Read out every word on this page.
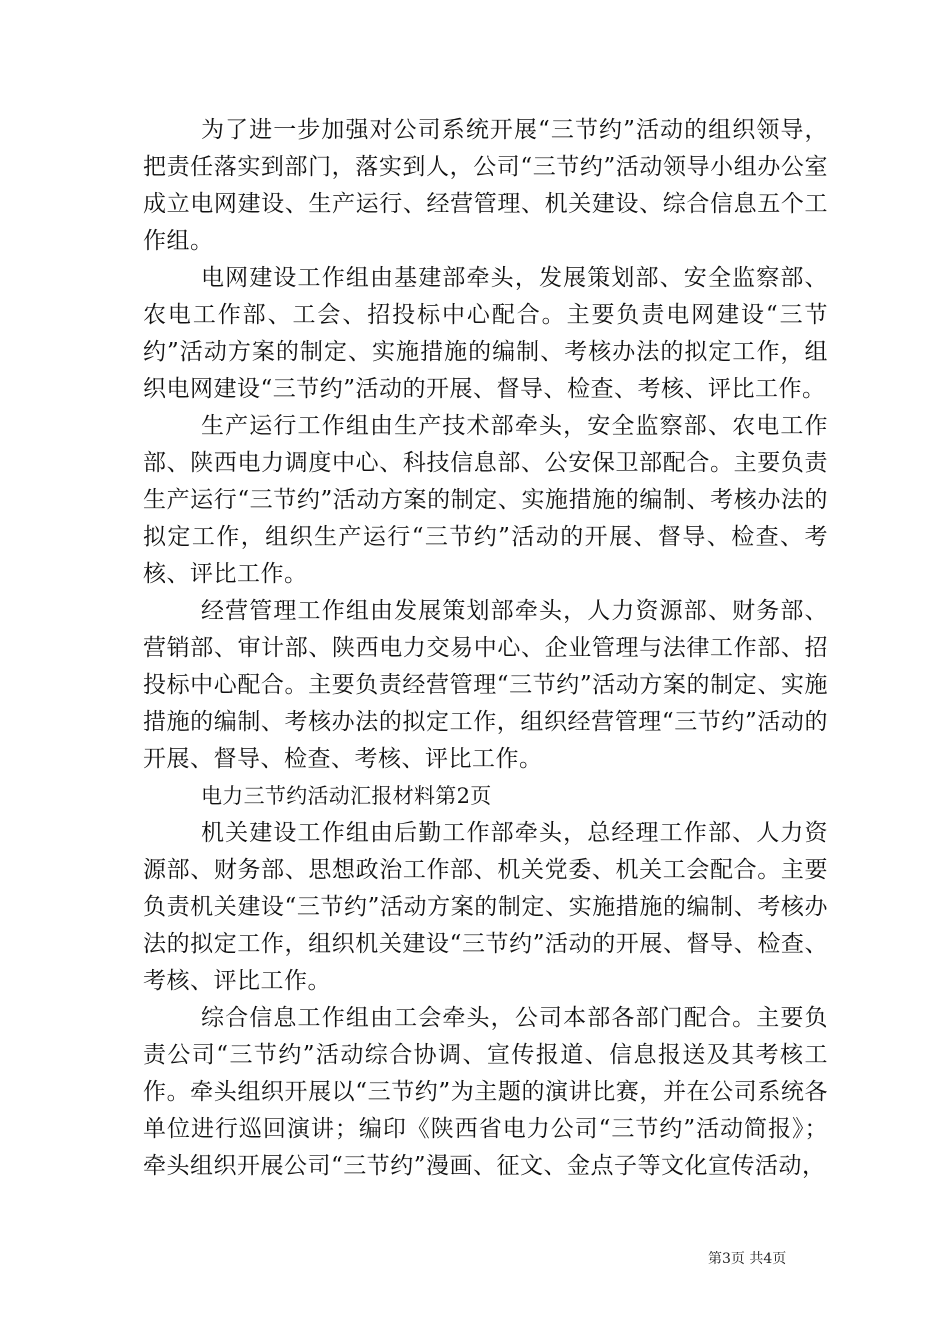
为了进一步加强对公司系统开展“三节约”活动的组织领导，把责任落实到部门，落实到人，公司“三节约”活动领导小组办公室成立电网建设、生产运行、经营管理、机关建设、综合信息五个工作组。

电网建设工作组由基建部牵头，发展策划部、安全监察部、农电工作部、工会、招投标中心配合。主要负责电网建设“三节约”活动方案的制定、实施措施的编制、考核办法的拟定工作，组织电网建设“三节约”活动的开展、督导、检查、考核、评比工作。

生产运行工作组由生产技术部牵头，安全监察部、农电工作部、陕西电力调度中心、科技信息部、公安保卫部配合。主要负责生产运行“三节约”活动方案的制定、实施措施的编制、考核办法的拟定工作，组织生产运行“三节约”活动的开展、督导、检查、考核、评比工作。

经营管理工作组由发展策划部牵头，人力资源部、财务部、营销部、审计部、陕西电力交易中心、企业管理与法律工作部、招投标中心配合。主要负责经营管理“三节约”活动方案的制定、实施措施的编制、考核办法的拟定工作，组织经营管理“三节约”活动的开展、督导、检查、考核、评比工作。

电力三节约活动汇报材料第2页

机关建设工作组由后勤工作部牵头，总经理工作部、人力资源部、财务部、思想政治工作部、机关党委、机关工会配合。主要负责机关建设“三节约”活动方案的制定、实施措施的编制、考核办法的拟定工作，组织机关建设“三节约”活动的开展、督导、检查、考核、评比工作。

综合信息工作组由工会牵头，公司本部各部门配合。主要负责公司“三节约”活动综合协调、宣传报道、信息报送及其考核工作。牵头组织开展以“三节约”为主题的演讲比赛，并在公司系统各单位进行巡回演讲；编印《陕西省电力公司“三节约”活动简报》；牵头组织开展公司“三节约”漫画、征文、金点子等文化宣传活动，

第3页 共4页
